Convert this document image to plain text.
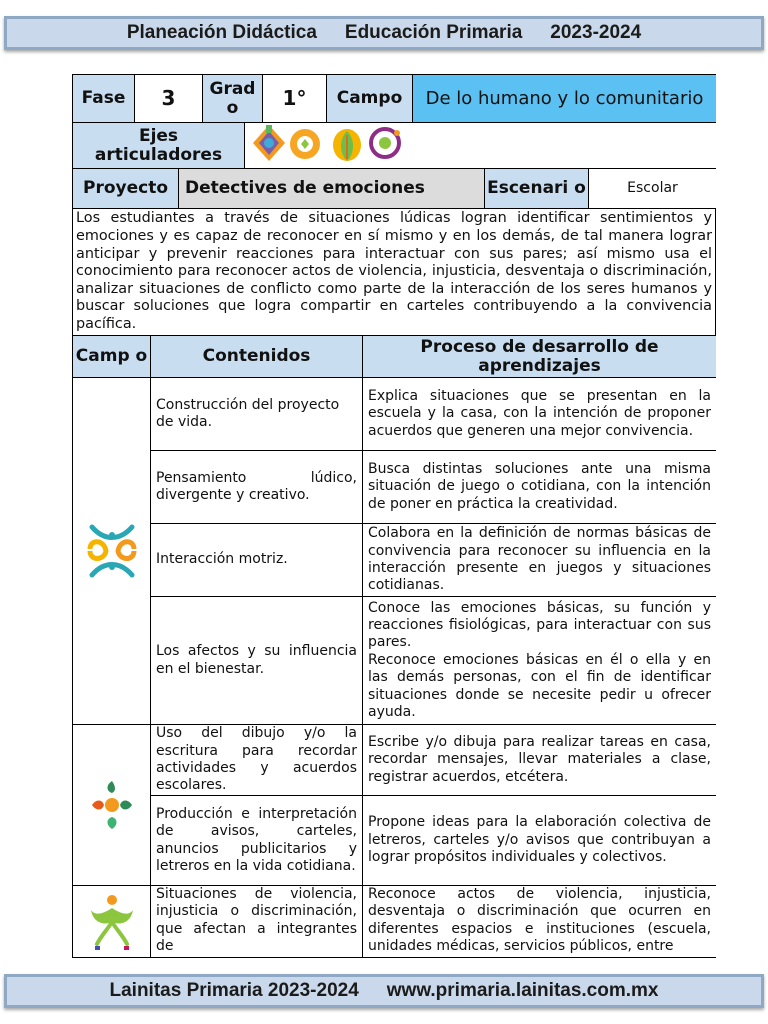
Planeación Didáctica Educación Primaria 2023-2024
Fase	3	Grad o	1°	Campo	De lo humano y lo comunitario
Ejes articuladores	
Proyecto	Detectives de emociones	Escenari o	Escolar
Los estudiantes a través de situaciones lúdicas logran identificar sentimientos y emociones y es capaz de reconocer en sí mismo y en los demás, de tal manera lograr anticipar y prevenir reacciones para interactuar con sus pares; así mismo usa el conocimiento para reconocer actos de violencia, injusticia, desventaja o discriminación, analizar situaciones de conflicto como parte de la interacción de los seres humanos y buscar soluciones que logra compartir en carteles contribuyendo a la convivencia pacífica.
Camp o	Contenidos	Proceso de desarrollo de aprendizajes
	Construcción del proyecto de vida.	Explica situaciones que se presentan en la escuela y la casa, con la intención de proponer acuerdos que generen una mejor convivencia.
	Pensamiento lúdico, divergente y creativo.	Busca distintas soluciones ante una misma situación de juego o cotidiana, con la intención de poner en práctica la creatividad.
	Interacción motriz.	Colabora en la definición de normas básicas de convivencia para reconocer su influencia en la interacción presente en juegos y situaciones cotidianas.
	Los afectos y su influencia en el bienestar.	Conoce las emociones básicas, su función y reacciones fisiológicas, para interactuar con sus pares.
Reconoce emociones básicas en él o ella y en las demás personas, con el fin de identificar situaciones donde se necesite pedir u ofrecer ayuda.

	Uso del dibujo y/o la escritura para recordar actividades y acuerdos escolares.	Escribe y/o dibuja para realizar tareas en casa, recordar mensajes, llevar materiales a clase, registrar acuerdos, etcétera.
	Producción e interpretación de avisos, carteles, anuncios publicitarios y letreros en la vida cotidiana.	Propone ideas para la elaboración colectiva de letreros, carteles y/o avisos que contribuyan a lograr propósitos individuales y colectivos.
	Situaciones de violencia, injusticia o discriminación, que afectan a integrantes de	Reconoce actos de violencia, injusticia, desventaja o discriminación que ocurren en diferentes espacios e instituciones (escuela, unidades médicas, servicios públicos, entre
Lainitas Primaria 2023-2024 www.primaria.lainitas.com.mx
